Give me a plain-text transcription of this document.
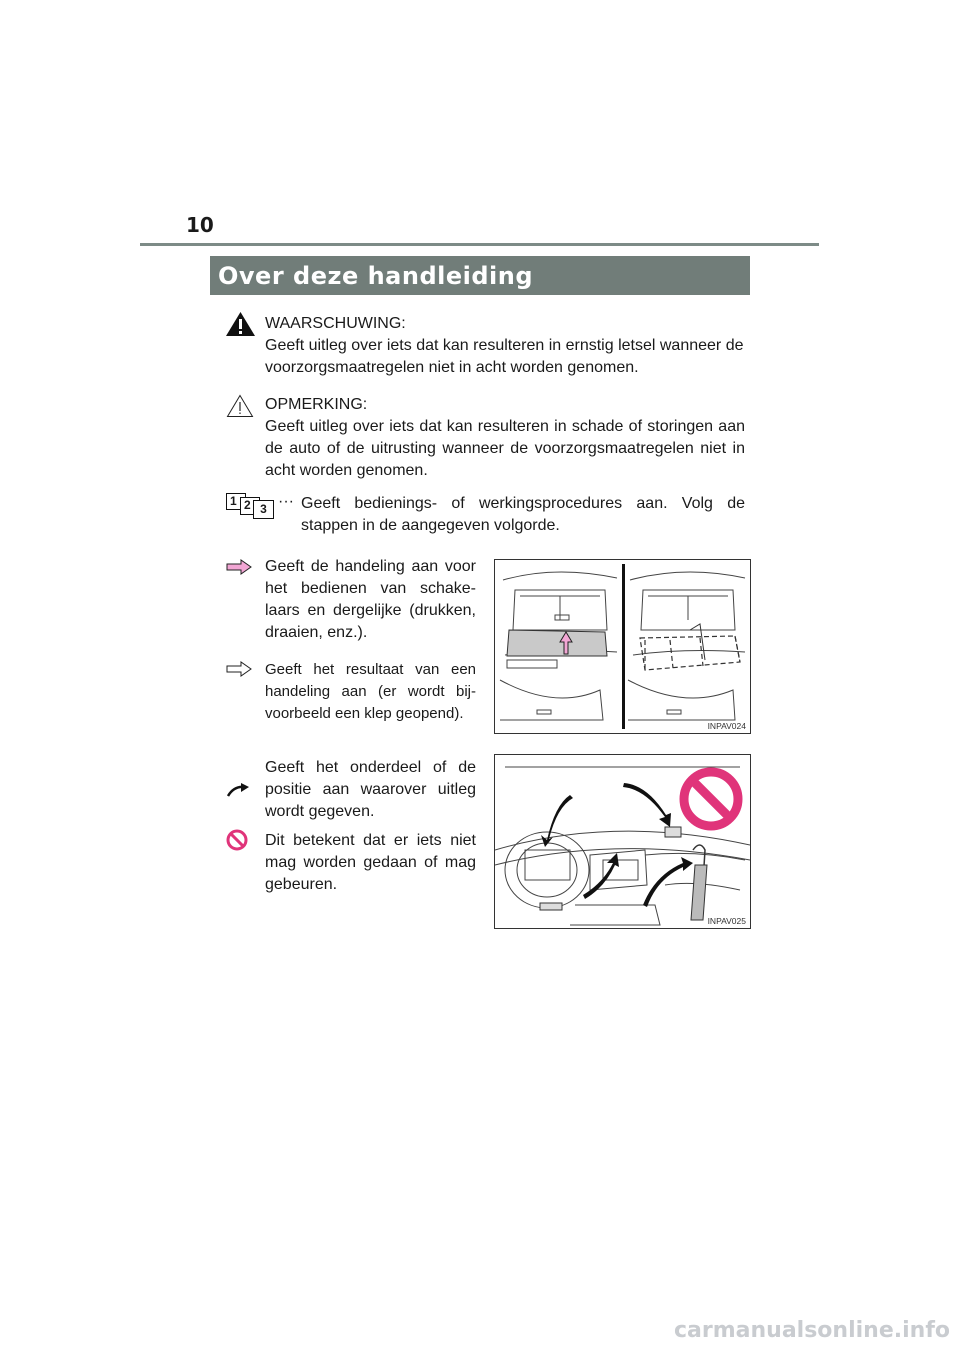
10
Over deze handleiding
WAARSCHUWING:
Geeft uitleg over iets dat kan resulteren in ernstig letsel wanneer de voorzorgsmaatregelen niet in acht worden genomen.
OPMERKING:
Geeft uitleg over iets dat kan resulteren in schade of storingen aan de auto of de uitrusting wanneer de voorzorgsmaatregelen niet in acht worden genomen.
1 2 3 ··· Geeft bedienings- of werkingsprocedures aan. Volg de stappen in de aangegeven volgorde.
Geeft de handeling aan voor het bedienen van schakelaars en dergelijke (drukken, draaien, enz.).
Geeft het resultaat van een handeling aan (er wordt bijvoorbeeld een klep geopend).
INPAV024
Geeft het onderdeel of de positie aan waarover uitleg wordt gegeven.
Dit betekent dat er iets niet mag worden gedaan of mag gebeuren.
INPAV025
carmanualsonline.info
